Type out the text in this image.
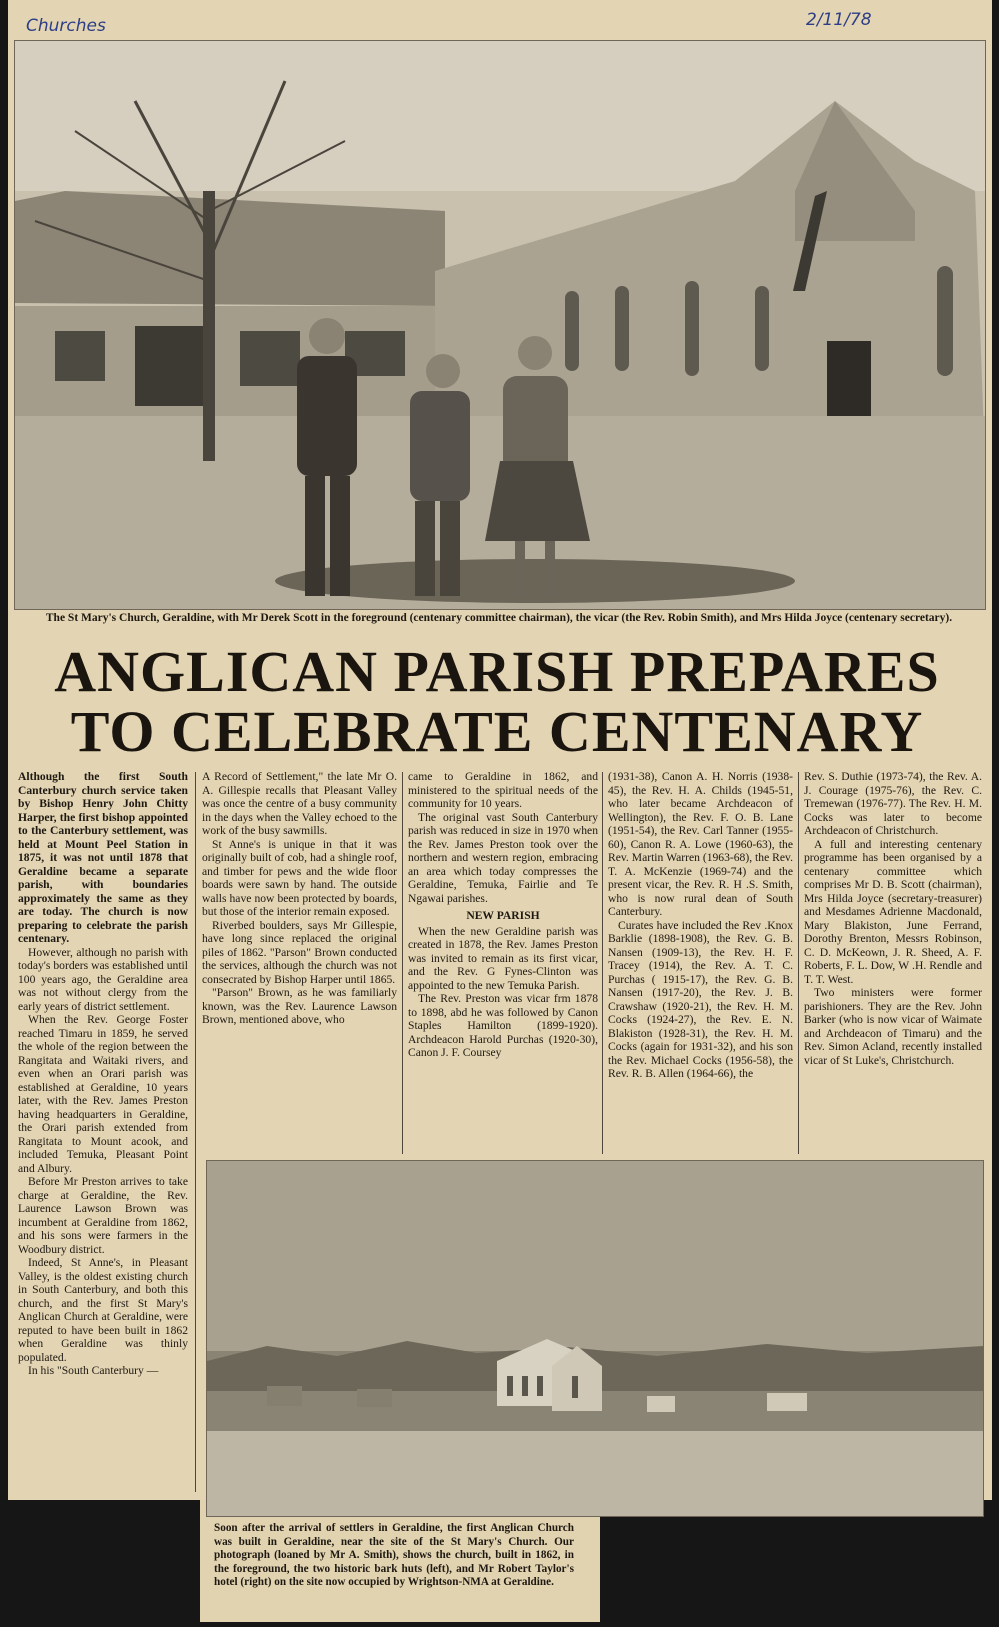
Churches	2/11/78
The St Mary's Church, Geraldine, with Mr Derek Scott in the foreground (centenary committee chairman), the vicar (the Rev. Robin Smith), and Mrs Hilda Joyce (centenary secretary).
ANGLICAN PARISH PREPARES
TO CELEBRATE CENTENARY

Although the first South Canterbury church service taken by Bishop Henry John Chitty Harper, the first bishop appointed to the Canterbury settlement, was held at Mount Peel Station in 1875, it was not until 1878 that Geraldine became a separate parish, with boundaries approximately the same as they are today. The church is now preparing to celebrate the parish centenary.

However, although no parish with today's borders was established until 100 years ago, the Geraldine area was not without clergy from the early years of district settlement.

When the Rev. George Foster reached Timaru in 1859, he served the whole of the region between the Rangitata and Waitaki rivers, and even when an Orari parish was established at Geraldine, 10 years later, with the Rev. James Preston having headquarters in Geraldine, the Orari parish extended from Rangitata to Mount acook, and included Temuka, Pleasant Point and Albury.

Before Mr Preston arrives to take charge at Geraldine, the Rev. Laurence Lawson Brown was incumbent at Geraldine from 1862, and his sons were farmers in the Woodbury district.

Indeed, St Anne's, in Pleasant Valley, is the oldest existing church in South Canterbury, and both this church, and the first St Mary's Anglican Church at Geraldine, were reputed to have been built in 1862 when Geraldine was thinly populated.

In his "South Canterbury —

A Record of Settlement," the late Mr O. A. Gillespie recalls that Pleasant Valley was once the centre of a busy community in the days when the Valley echoed to the work of the busy sawmills.

St Anne's is unique in that it was originally built of cob, had a shingle roof, and timber for pews and the wide floor boards were sawn by hand. The outside walls have now been protected by boards, but those of the interior remain exposed.

Riverbed boulders, says Mr Gillespie, have long since replaced the original piles of 1862. "Parson" Brown conducted the services, although the church was not consecrated by Bishop Harper until 1865.

"Parson" Brown, as he was familiarly known, was the Rev. Laurence Lawson Brown, mentioned above, who

came to Geraldine in 1862, and ministered to the spiritual needs of the community for 10 years.

The original vast South Canterbury parish was reduced in size in 1970 when the Rev. James Preston took over the northern and western region, embracing an area which today compresses the Geraldine, Temuka, Fairlie and Te Ngawai parishes.

NEW PARISH

When the new Geraldine parish was created in 1878, the Rev. James Preston was invited to remain as its first vicar, and the Rev. G Fynes-Clinton was appointed to the new Temuka Parish.

The Rev. Preston was vicar frm 1878 to 1898, abd he was followed by Canon Staples Hamilton (1899-1920). Archdeacon Harold Purchas (1920-30), Canon J. F. Coursey

(1931-38), Canon A. H. Norris (1938-45), the Rev. H. A. Childs (1945-51, who later became Archdeacon of Wellington), the Rev. F. O. B. Lane (1951-54), the Rev. Carl Tanner (1955-60), Canon R. A. Lowe (1960-63), the Rev. Martin Warren (1963-68), the Rev. T. A. McKenzie (1969-74) and the present vicar, the Rev. R. H .S. Smith, who is now rural dean of South Canterbury.

Curates have included the Rev .Knox Barklie (1898-1908), the Rev. G. B. Nansen (1909-13), the Rev. H. F. Tracey (1914), the Rev. A. T. C. Purchas ( 1915-17), the Rev. G. B. Nansen (1917-20), the Rev. J. B. Crawshaw (1920-21), the Rev. H. M. Cocks (1924-27), the Rev. E. N. Blakiston (1928-31), the Rev. H. M. Cocks (again for 1931-32), and his son the Rev. Michael Cocks (1956-58), the Rev. R. B. Allen (1964-66), the

Rev. S. Duthie (1973-74), the Rev. A. J. Courage (1975-76), the Rev. C. Tremewan (1976-77). The Rev. H. M. Cocks was later to become Archdeacon of Christchurch.

A full and interesting centenary programme has been organised by a centenary committee which comprises Mr D. B. Scott (chairman), Mrs Hilda Joyce (secretary-treasurer) and Mesdames Adrienne Macdonald, Mary Blakiston, June Ferrand, Dorothy Brenton, Messrs Robinson, C. D. McKeown, J. R. Sheed, A. F. Roberts, F. L. Dow, W .H. Rendle and T. T. West.

Two ministers were former parishioners. They are the Rev. John Barker (who is now vicar of Waimate and Archdeacon of Timaru) and the Rev. Simon Acland, recently installed vicar of St Luke's, Christchurch.

Soon after the arrival of settlers in Geraldine, the first Anglican Church was built in Geraldine, near the site of the St Mary's Church. Our photograph (loaned by Mr A. Smith), shows the church, built in 1862, in the foreground, the two historic bark huts (left), and Mr Robert Taylor's hotel (right) on the site now occupied by Wrightson-NMA at Geraldine.
